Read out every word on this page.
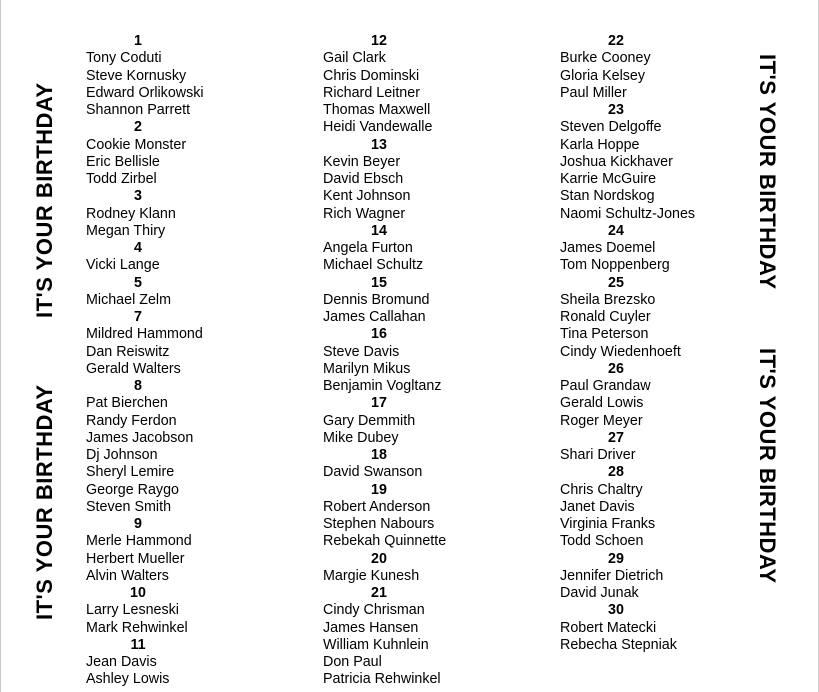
IT'S YOUR BIRTHDAY
IT'S YOUR BIRTHDAY	IT'S YOUR BIRTHDAY
IT'S YOUR BIRTHDAY
1
Tony Coduti
Steve Kornusky
Edward Orlikowski
Shannon Parrett
2
Cookie Monster
Eric Bellisle
Todd Zirbel
3
Rodney Klann
Megan Thiry
4
Vicki Lange
5
Michael Zelm
7
Mildred Hammond
Dan Reiswitz
Gerald Walters
8
Pat Bierchen
Randy Ferdon
James Jacobson
Dj Johnson
Sheryl Lemire
George Raygo
Steven Smith
9
Merle Hammond
Herbert Mueller
Alvin Walters
10
Larry Lesneski
Mark Rehwinkel
11
Jean Davis
Ashley Lowis
12
Gail Clark
Chris Dominski
Richard Leitner
Thomas Maxwell
Heidi Vandewalle
13
Kevin Beyer
David Ebsch
Kent Johnson
Rich Wagner
14
Angela Furton
Michael Schultz
15
Dennis Bromund
James Callahan
16
Steve Davis
Marilyn Mikus
Benjamin Vogltanz
17
Gary Demmith
Mike Dubey
18
David Swanson
19
Robert Anderson
Stephen Nabours
Rebekah Quinnette
20
Margie Kunesh
21
Cindy Chrisman
James Hansen
William Kuhnlein
Don Paul
Patricia Rehwinkel
22
Burke Cooney
Gloria Kelsey
Paul Miller
23
Steven Delgoffe
Karla Hoppe
Joshua Kickhaver
Karrie McGuire
Stan Nordskog
Naomi Schultz-Jones
24
James Doemel
Tom Noppenberg
25
Sheila Brezsko
Ronald Cuyler
Tina Peterson
Cindy Wiedenhoeft
26
Paul Grandaw
Gerald Lowis
Roger Meyer
27
Shari Driver
28
Chris Chaltry
Janet Davis
Virginia Franks
Todd Schoen
29
Jennifer Dietrich
David Junak
30
Robert Matecki
Rebecha Stepniak
